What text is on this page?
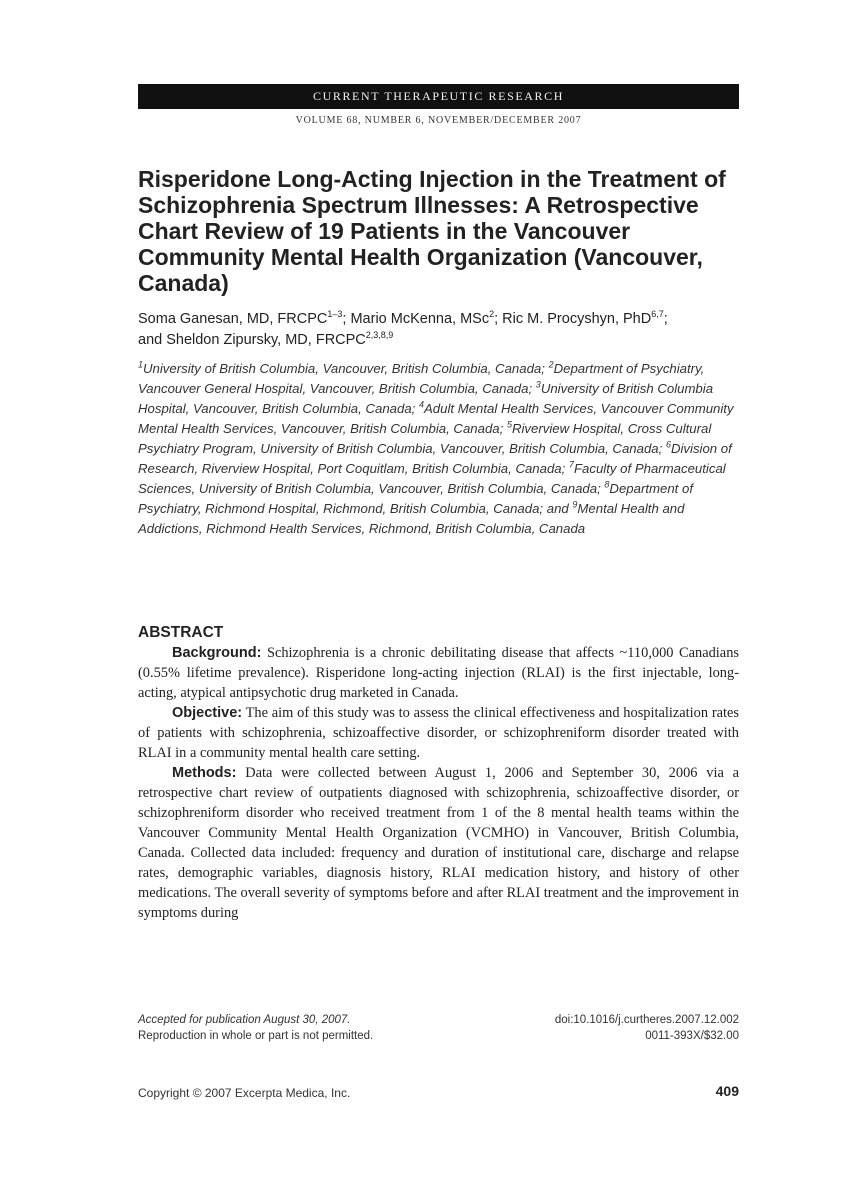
CURRENT THERAPEUTIC RESEARCH
VOLUME 68, NUMBER 6, NOVEMBER/DECEMBER 2007
Risperidone Long-Acting Injection in the Treatment of Schizophrenia Spectrum Illnesses: A Retrospective Chart Review of 19 Patients in the Vancouver Community Mental Health Organization (Vancouver, Canada)
Soma Ganesan, MD, FRCPC$^{1-3}$; Mario McKenna, MSc$^2$; Ric M. Procyshyn, PhD$^{6,7}$;
and Sheldon Zipursky, MD, FRCPC$^{2,3,8,9}$
$^1$University of British Columbia, Vancouver, British Columbia, Canada; $^2$Department of Psychiatry, Vancouver General Hospital, Vancouver, British Columbia, Canada; $^3$University of British Columbia Hospital, Vancouver, British Columbia, Canada; $^4$Adult Mental Health Services, Vancouver Community Mental Health Services, Vancouver, British Columbia, Canada; $^5$Riverview Hospital, Cross Cultural Psychiatry Program, University of British Columbia, Vancouver, British Columbia, Canada; $^6$Division of Research, Riverview Hospital, Port Coquitlam, British Columbia, Canada; $^7$Faculty of Pharmaceutical Sciences, University of British Columbia, Vancouver, British Columbia, Canada; $^8$Department of Psychiatry, Richmond Hospital, Richmond, British Columbia, Canada; and $^9$Mental Health and Addictions, Richmond Health Services, Richmond, British Columbia, Canada
ABSTRACT

Background: Schizophrenia is a chronic debilitating disease that affects ~110,000 Canadians (0.55% lifetime prevalence). Risperidone long-acting injection (RLAI) is the first injectable, long-acting, atypical antipsychotic drug marketed in Canada.

Objective: The aim of this study was to assess the clinical effectiveness and hospitalization rates of patients with schizophrenia, schizoaffective disorder, or schizophreniform disorder treated with RLAI in a community mental health care setting.

Methods: Data were collected between August 1, 2006 and September 30, 2006 via a retrospective chart review of outpatients diagnosed with schizophrenia, schizoaffective disorder, or schizophreniform disorder who received treatment from 1 of the 8 mental health teams within the Vancouver Community Mental Health Organization (VCMHO) in Vancouver, British Columbia, Canada. Collected data included: frequency and duration of institutional care, discharge and relapse rates, demographic variables, diagnosis history, RLAI medication history, and history of other medications. The overall severity of symptoms before and after RLAI treatment and the improvement in symptoms during

Accepted for publication August 30, 2007.
Reproduction in whole or part is not permitted.
doi:10.1016/j.curtheres.2007.12.002
0011-393X/$32.00
Copyright © 2007 Excerpta Medica, Inc.	409
